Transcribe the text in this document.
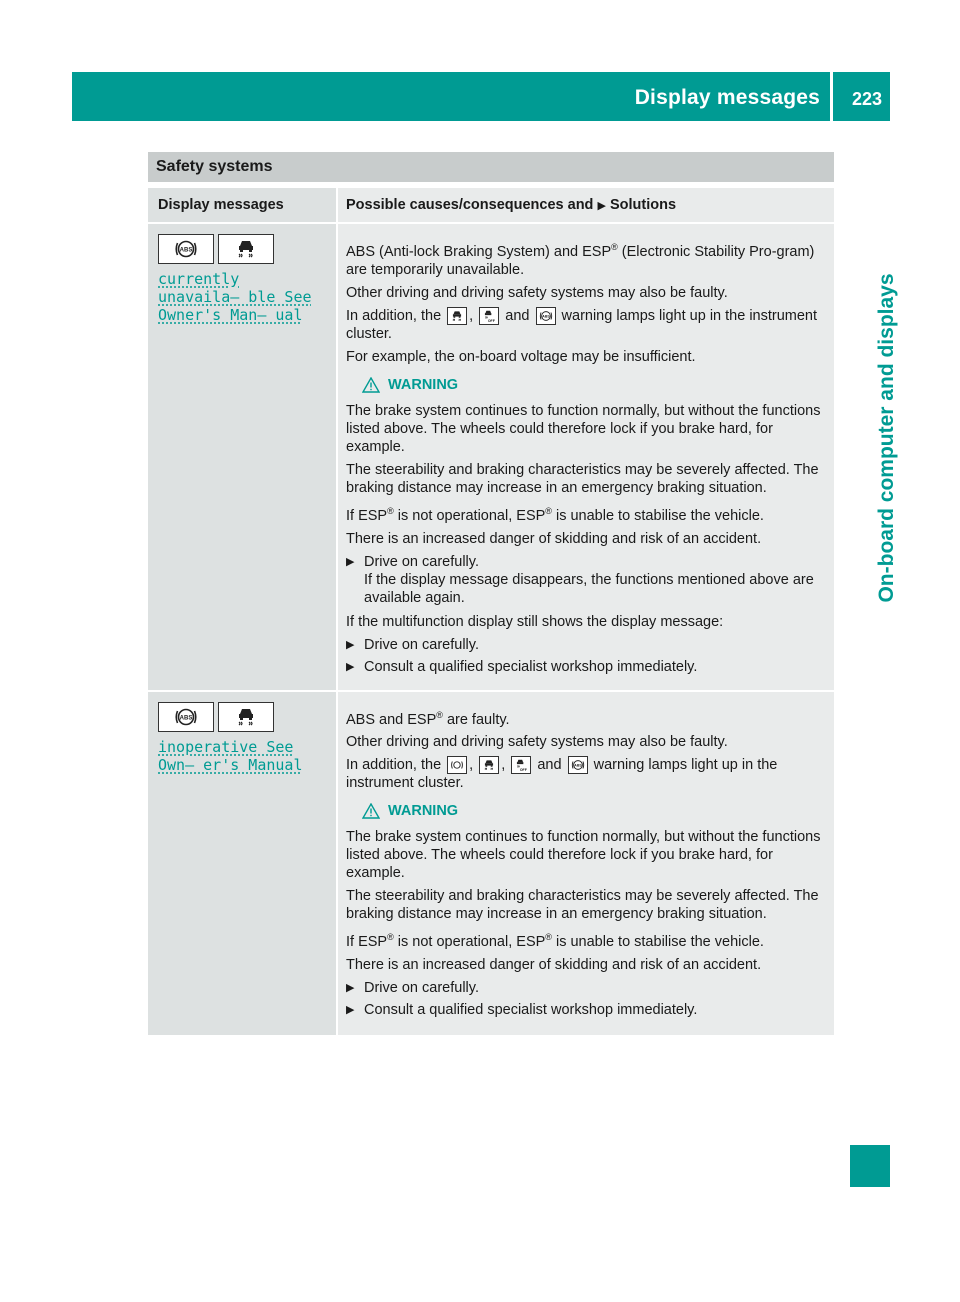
Display messages 223
On-board computer and displays
Safety systems
Display messages	Possible causes/consequences and ▶ Solutions
currently unavaila– ble See Owner's Man– ual

ABS (Anti-lock Braking System) and ESP® (Electronic Stability Pro-gram) are temporarily unavailable.

Other driving and driving safety systems may also be faulty.

In addition, the ,
and warning lamps light up in the instrument cluster.

For example, the on-board voltage may be insufficient.

WARNING

The brake system continues to function normally, but without the functions listed above. The wheels could therefore lock if you brake hard, for example.

The steerability and braking characteristics may be severely affected. The braking distance may increase in an emergency braking situation.

If ESP® is not operational, ESP® is unable to stabilise the vehicle.

There is an increased danger of skidding and risk of an accident.

▶ Drive on carefully.
If the display message disappears, the functions mentioned above are available again.

If the multifunction display still shows the display message:

▶ Drive on carefully.
▶ Consult a qualified specialist workshop immediately.
inoperative See Own– er's Manual

ABS and ESP® are faulty.

Other driving and driving safety systems may also be faulty.

In addition, the ,
,
and warning lamps light up in the instrument cluster.

WARNING

The brake system continues to function normally, but without the functions listed above. The wheels could therefore lock if you brake hard, for example.

The steerability and braking characteristics may be severely affected. The braking distance may increase in an emergency braking situation.

If ESP® is not operational, ESP® is unable to stabilise the vehicle.

There is an increased danger of skidding and risk of an accident.

▶ Drive on carefully.
▶ Consult a qualified specialist workshop immediately.
